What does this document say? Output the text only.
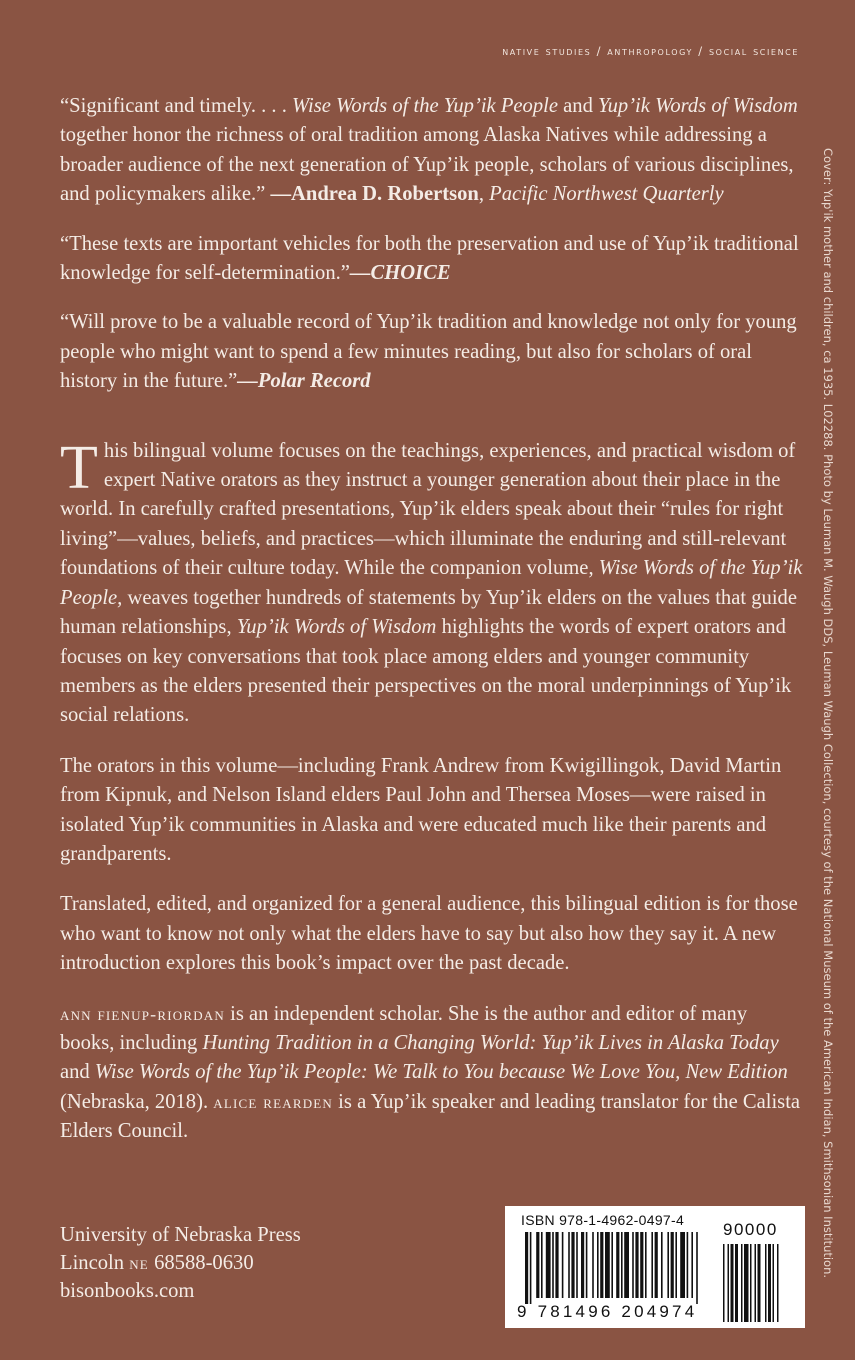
native studies / anthropology / social science
Cover: Yup'ik mother and children, ca 1935. L02288. Photo by Leuman M. Waugh DDS, Leuman Waugh Collection, courtesy of the National Museum of the American Indian, Smithsonian Institution.

“Significant and timely. . . . Wise Words of the Yup’ik People and Yup’ik Words of Wisdom together honor the richness of oral tradition among Alaska Natives while addressing a broader audience of the next generation of Yup’ik people, scholars of various disciplines, and policymakers alike.” —Andrea D. Robertson, Pacific Northwest Quarterly

“These texts are important vehicles for both the preservation and use of Yup’ik traditional knowledge for self-determination.”—CHOICE

“Will prove to be a valuable record of Yup’ik tradition and knowledge not only for young people who might want to spend a few minutes reading, but also for scholars of oral history in the future.”—Polar Record

This bilingual volume focuses on the teachings, experiences, and practical wisdom of expert Native orators as they instruct a younger generation about their place in the world. In carefully crafted presentations, Yup’ik elders speak about their “rules for right living”—values, beliefs, and practices—which illuminate the enduring and still-relevant foundations of their culture today. While the companion volume, Wise Words of the Yup’ik People, weaves together hundreds of statements by Yup’ik elders on the values that guide human relationships, Yup’ik Words of Wisdom highlights the words of expert orators and focuses on key conversations that took place among elders and younger community members as the elders presented their perspectives on the moral underpinnings of Yup’ik social relations.

The orators in this volume—including Frank Andrew from Kwigillingok, David Martin from Kipnuk, and Nelson Island elders Paul John and Thersea Moses—were raised in isolated Yup’ik communities in Alaska and were educated much like their parents and grandparents.

Translated, edited, and organized for a general audience, this bilingual edition is for those who want to know not only what the elders have to say but also how they say it. A new introduction explores this book’s impact over the past decade.

ann fienup-riordan is an independent scholar. She is the author and editor of many books, including Hunting Tradition in a Changing World: Yup’ik Lives in Alaska Today and Wise Words of the Yup’ik People: We Talk to You because We Love You, New Edition (Nebraska, 2018). alice rearden is a Yup’ik speaker and leading translator for the Calista Elders Council.

University of Nebraska Press
Lincoln ne 68588-0630
bisonbooks.com
ISBN 978-1-4962-0497-4 90000
9 781496 204974
